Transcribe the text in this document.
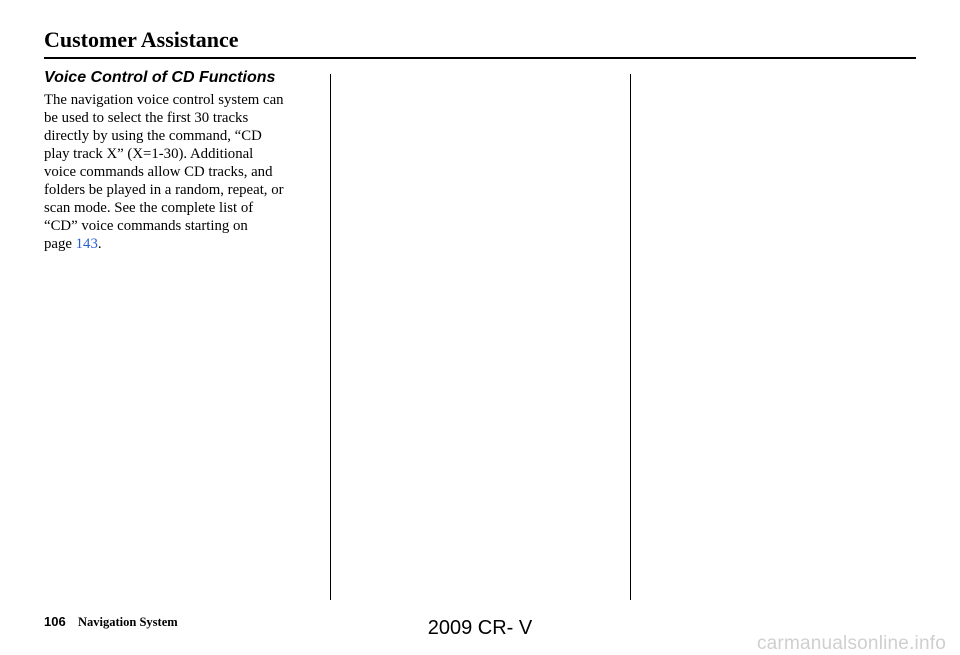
Customer Assistance
Voice Control of CD Functions

The navigation voice control system can
be used to select the first 30 tracks
directly by using the command, “CD
play track X” (X=1-30). Additional
voice commands allow CD tracks, and
folders be played in a random, repeat, or
scan mode. See the complete list of
“CD” voice commands starting on
page 143.

106 Navigation System	2009 CR- V
carmanualsonline.info
